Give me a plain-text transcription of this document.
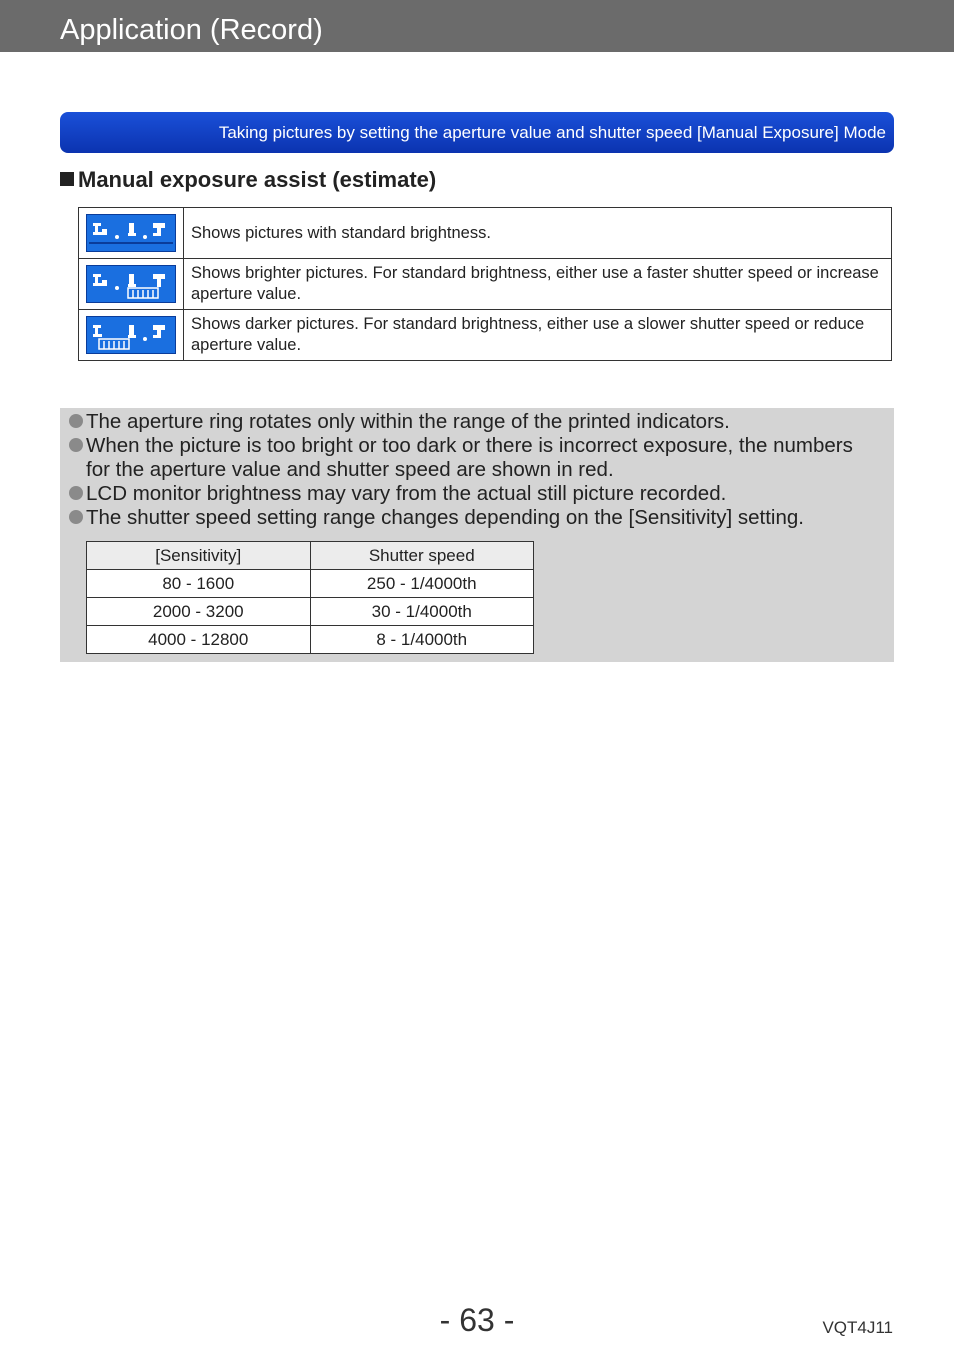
Application (Record)
Taking pictures by setting the aperture value and shutter speed [Manual Exposure] Mode
Manual exposure assist (estimate)
	Shows pictures with standard brightness.
	Shows brighter pictures. For standard brightness, either use a faster shutter speed or increase aperture value.
	Shows darker pictures. For standard brightness, either use a slower shutter speed or reduce aperture value.
The aperture ring rotates only within the range of the printed indicators.
When the picture is too bright or too dark or there is incorrect exposure, the numbers
for the aperture value and shutter speed are shown in red.
LCD monitor brightness may vary from the actual still picture recorded.
The shutter speed setting range changes depending on the [Sensitivity] setting.
[Sensitivity]	Shutter speed
80 - 1600	250 - 1/4000th
2000 - 3200	30 - 1/4000th
4000 - 12800	8 - 1/4000th
- 63 -	VQT4J11
